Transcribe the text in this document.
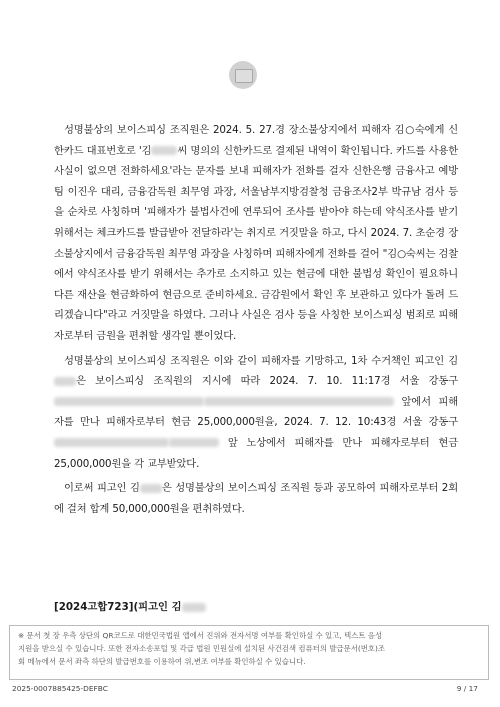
성명불상의 보이스피싱 조직원은 2024. 5. 27.경 장소불상지에서 피해자 김○숙에게 신한카드 대표번호로 '김	씨 명의의 신한카드로 결제된 내역이 확인됩니다. 카드를 사용한 사실이 없으면 전화하세요'라는 문자를 보내 피해자가 전화를 걸자 신한은행 금융사고 예방팀 이진우 대리, 금융감독원 최무영 과장, 서울남부지방검찰청 금융조사2부 박규남 검사 등을 순차로 사칭하며 '피해자가 불법사건에 연루되어 조사를 받아야 하는데 약식조사를 받기 위해서는 체크카드를 발급받아 전달하라'는 취지로 거짓말을 하고, 다시 2024. 7. 초순경 장소불상지에서 금융감독원 최무영 과장을 사칭하며 피해자에게 전화를 걸어 "김○숙씨는 검찰에서 약식조사를 받기 위해서는 추가로 소지하고 있는 현금에 대한 불법성 확인이 필요하니 다른 재산을 현금화하여 현금으로 준비하세요. 금감원에서 확인 후 보관하고 있다가 돌려 드리겠습니다"라고 거짓말을 하였다. 그러나 사실은 검사 등을 사칭한 보이스피싱 범죄로 피해자로부터 금원을 편취할 생각일 뿐이었다.

성명불상의 보이스피싱 조직원은 이와 같이 피해자를 기망하고, 1차 수거책인 피고인 김은 보이스피싱 조직원의 지시에 따라 2024. 7. 10. 11:17경 서울 강동구  앞에서 피해자를 만나 피해자로부터 현금 25,000,000원을, 2024. 7. 12. 10:43경 서울 강동구  앞 노상에서 피해자를 만나 피해자로부터 현금 25,000,000원을 각 교부받았다.

이로써 피고인 김 은 성명불상의 보이스피싱 조직원 등과 공모하여 피해자로부터 2회에 걸쳐 합계 50,000,000원을 편취하였다.

[2024고합723](피고인 김
※ 문서 첫 장 우측 상단의 QR코드로 대한민국법원 앱에서 진위와 전자서명 여부를 확인하실 수 있고, 텍스트 음성
지원을 받으실 수 있습니다. 또한 전자소송포털 및 각급 법원 민원실에 설치된 사건검색 컴퓨터의 발급문서(번호)조
회 메뉴에서 문서 좌측 하단의 발급번호를 이용하여 위,변조 여부를 확인하실 수 있습니다.
2025-0007885425-DEFBC	9 / 17
